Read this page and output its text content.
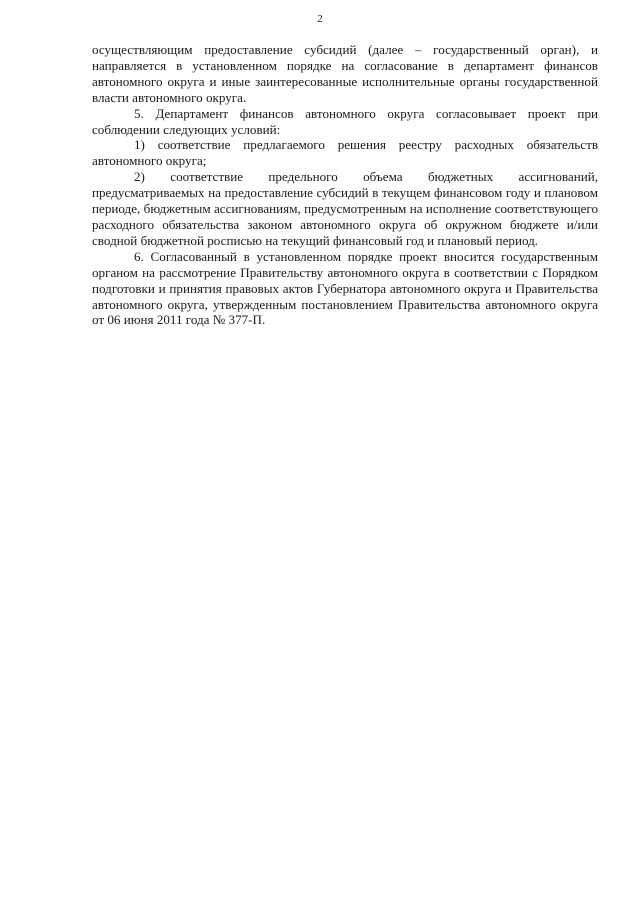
2

осуществляющим предоставление субсидий (далее – государственный орган), и направляется в установленном порядке на согласование в департамент финансов автономного округа и иные заинтересованные исполнительные органы государственной власти автономного округа.

5. Департамент финансов автономного округа согласовывает проект при соблюдении следующих условий:

1) соответствие предлагаемого решения реестру расходных обязательств автономного округа;

2) соответствие предельного объема бюджетных ассигнований, предусматриваемых на предоставление субсидий в текущем финансовом году и плановом периоде, бюджетным ассигнованиям, предусмотренным на исполнение соответствующего расходного обязательства законом автономного округа об окружном бюджете и/или сводной бюджетной росписью на текущий финансовый год и плановый период.

6. Согласованный в установленном порядке проект вносится государственным органом на рассмотрение Правительству автономного округа в соответствии с Порядком подготовки и принятия правовых актов Губернатора автономного округа и Правительства автономного округа, утвержденным постановлением Правительства автономного округа от 06 июня 2011 года № 377-П.
